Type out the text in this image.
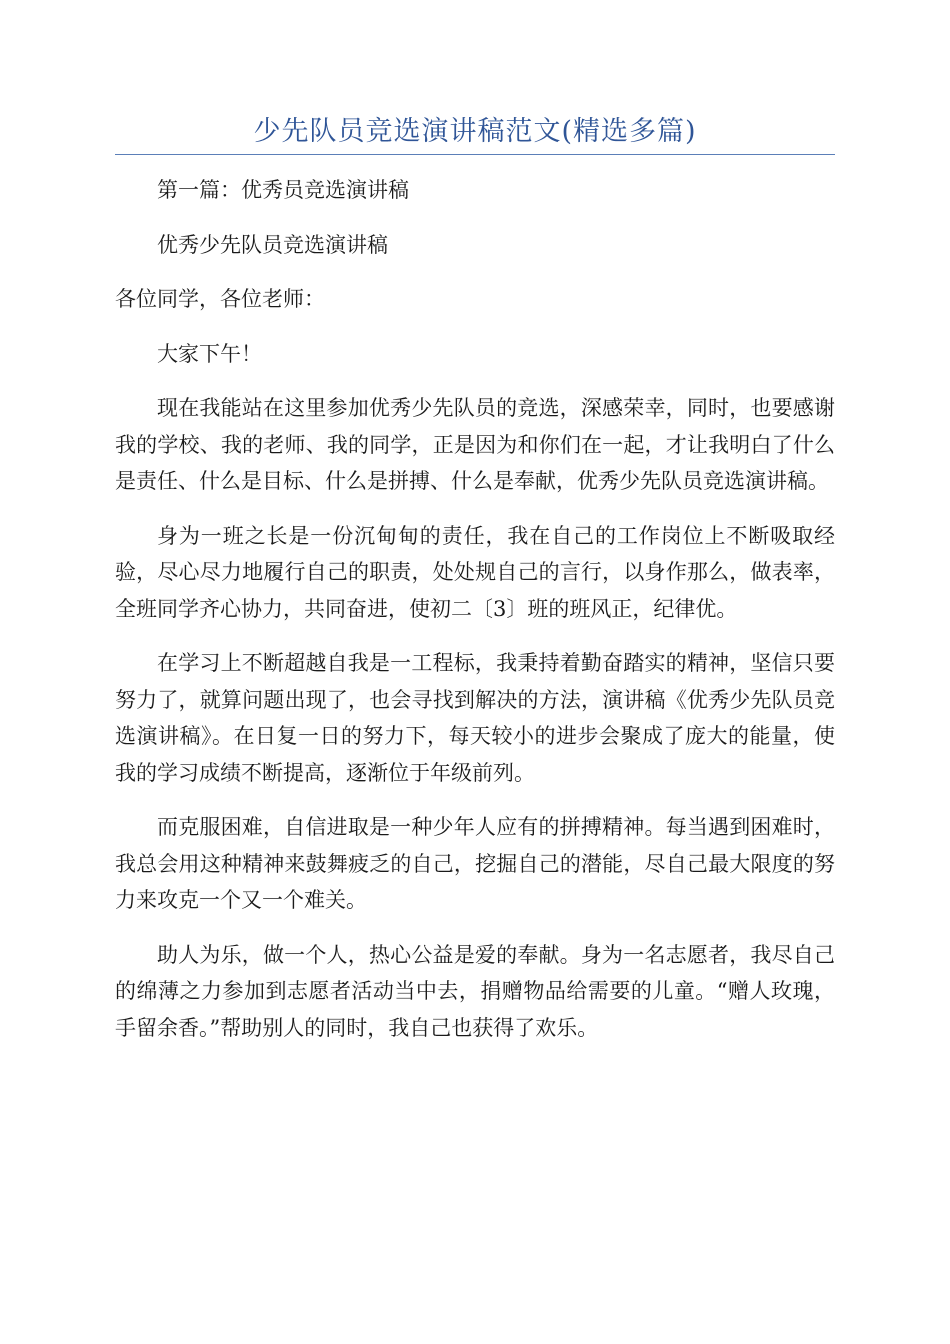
少先队员竞选演讲稿范文(精选多篇)

第一篇：优秀员竞选演讲稿

优秀少先队员竞选演讲稿

各位同学，各位老师：

大家下午！

现在我能站在这里参加优秀少先队员的竞选，深感荣幸，同时，也要感谢我的学校、我的老师、我的同学，正是因为和你们在一起，才让我明白了什么是责任、什么是目标、什么是拼搏、什么是奉献，优秀少先队员竞选演讲稿。

身为一班之长是一份沉甸甸的责任，我在自己的工作岗位上不断吸取经验，尽心尽力地履行自己的职责，处处规自己的言行，以身作那么，做表率，全班同学齐心协力，共同奋进，使初二〔3〕班的班风正，纪律优。

在学习上不断超越自我是一工程标，我秉持着勤奋踏实的精神，坚信只要努力了，就算问题出现了，也会寻找到解决的方法，演讲稿《优秀少先队员竞选演讲稿》。在日复一日的努力下，每天较小的进步会聚成了庞大的能量，使我的学习成绩不断提高，逐渐位于年级前列。

而克服困难，自信进取是一种少年人应有的拼搏精神。每当遇到困难时，我总会用这种精神来鼓舞疲乏的自己，挖掘自己的潜能，尽自己最大限度的努力来攻克一个又一个难关。

助人为乐，做一个人，热心公益是爱的奉献。身为一名志愿者，我尽自己的绵薄之力参加到志愿者活动当中去，捐赠物品给需要的儿童。“赠人玫瑰，手留余香。”帮助别人的同时，我自己也获得了欢乐。
